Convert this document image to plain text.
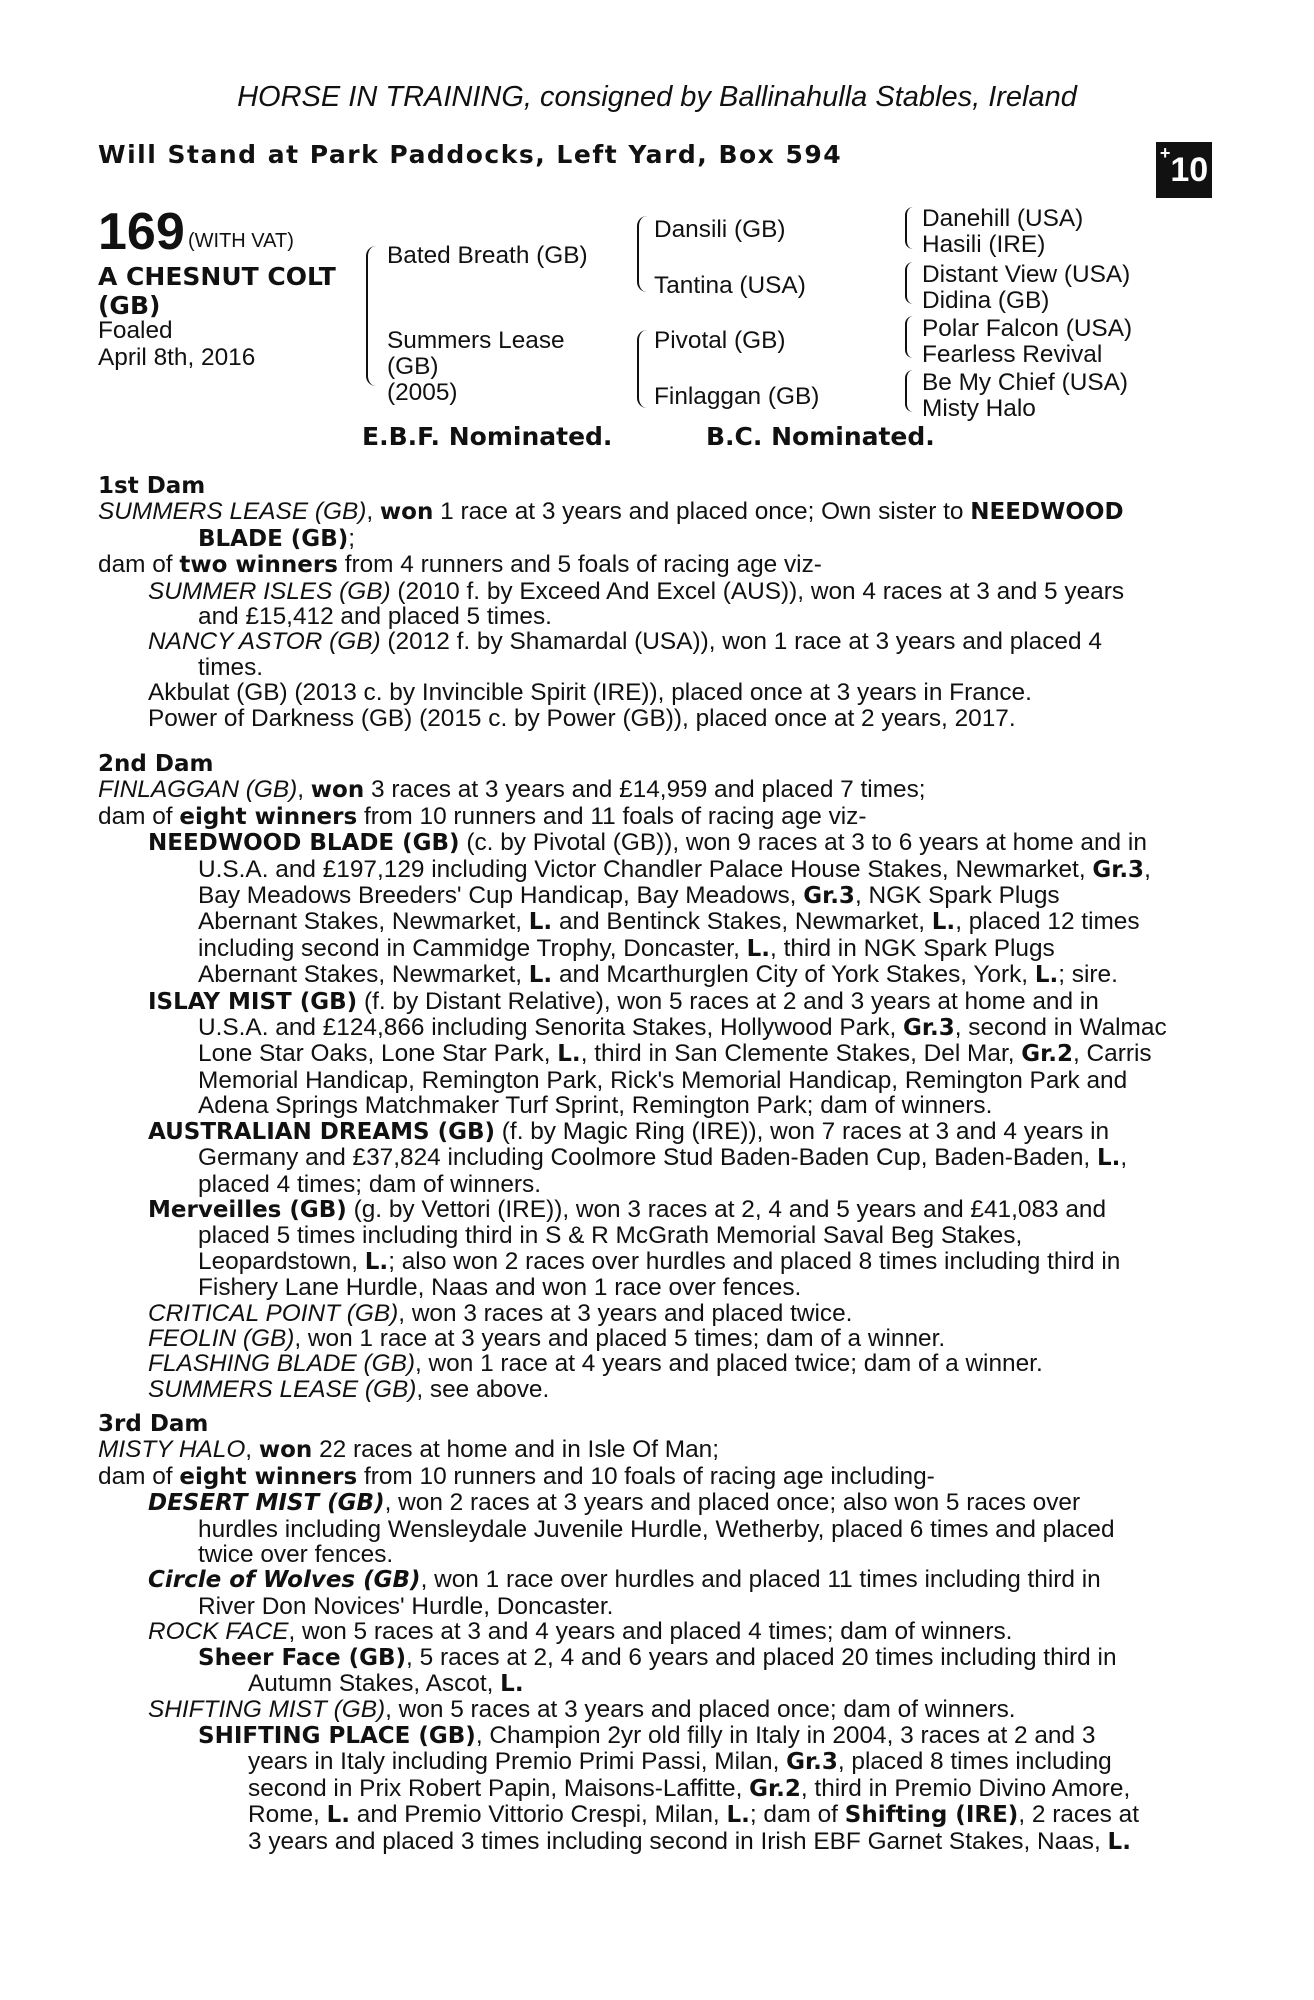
HORSE IN TRAINING, consigned by Ballinahulla Stables, Ireland
Will Stand at Park Paddocks, Left Yard, Box 594	+10
169 (WITH VAT)
A CHESNUT COLT
(GB)
Foaled
April 8th, 2016
Bated Breath (GB)
Summers Lease
(GB)
(2005)
Dansili (GB)
Tantina (USA)
Pivotal (GB)
Finlaggan (GB)
Danehill (USA)
Hasili (IRE)
Distant View (USA)
Didina (GB)
Polar Falcon (USA)
Fearless Revival
Be My Chief (USA)
Misty Halo
E.B.F. Nominated.	B.C. Nominated.
1st Dam
SUMMERS LEASE (GB), won 1 race at 3 years and placed once; Own sister to NEEDWOOD
BLADE (GB);
dam of two winners from 4 runners and 5 foals of racing age viz-
SUMMER ISLES (GB) (2010 f. by Exceed And Excel (AUS)), won 4 races at 3 and 5 years
and £15,412 and placed 5 times.
NANCY ASTOR (GB) (2012 f. by Shamardal (USA)), won 1 race at 3 years and placed 4
times.
Akbulat (GB) (2013 c. by Invincible Spirit (IRE)), placed once at 3 years in France.
Power of Darkness (GB) (2015 c. by Power (GB)), placed once at 2 years, 2017.
2nd Dam
FINLAGGAN (GB), won 3 races at 3 years and £14,959 and placed 7 times;
dam of eight winners from 10 runners and 11 foals of racing age viz-
NEEDWOOD BLADE (GB) (c. by Pivotal (GB)), won 9 races at 3 to 6 years at home and in
U.S.A. and £197,129 including Victor Chandler Palace House Stakes, Newmarket, Gr.3,
Bay Meadows Breeders' Cup Handicap, Bay Meadows, Gr.3, NGK Spark Plugs
Abernant Stakes, Newmarket, L. and Bentinck Stakes, Newmarket, L., placed 12 times
including second in Cammidge Trophy, Doncaster, L., third in NGK Spark Plugs
Abernant Stakes, Newmarket, L. and Mcarthurglen City of York Stakes, York, L.; sire.
ISLAY MIST (GB) (f. by Distant Relative), won 5 races at 2 and 3 years at home and in
U.S.A. and £124,866 including Senorita Stakes, Hollywood Park, Gr.3, second in Walmac
Lone Star Oaks, Lone Star Park, L., third in San Clemente Stakes, Del Mar, Gr.2, Carris
Memorial Handicap, Remington Park, Rick's Memorial Handicap, Remington Park and
Adena Springs Matchmaker Turf Sprint, Remington Park; dam of winners.
AUSTRALIAN DREAMS (GB) (f. by Magic Ring (IRE)), won 7 races at 3 and 4 years in
Germany and £37,824 including Coolmore Stud Baden-Baden Cup, Baden-Baden, L.,
placed 4 times; dam of winners.
Merveilles (GB) (g. by Vettori (IRE)), won 3 races at 2, 4 and 5 years and £41,083 and
placed 5 times including third in S & R McGrath Memorial Saval Beg Stakes,
Leopardstown, L.; also won 2 races over hurdles and placed 8 times including third in
Fishery Lane Hurdle, Naas and won 1 race over fences.
CRITICAL POINT (GB), won 3 races at 3 years and placed twice.
FEOLIN (GB), won 1 race at 3 years and placed 5 times; dam of a winner.
FLASHING BLADE (GB), won 1 race at 4 years and placed twice; dam of a winner.
SUMMERS LEASE (GB), see above.
3rd Dam
MISTY HALO, won 22 races at home and in Isle Of Man;
dam of eight winners from 10 runners and 10 foals of racing age including-
DESERT MIST (GB), won 2 races at 3 years and placed once; also won 5 races over
hurdles including Wensleydale Juvenile Hurdle, Wetherby, placed 6 times and placed
twice over fences.
Circle of Wolves (GB), won 1 race over hurdles and placed 11 times including third in
River Don Novices' Hurdle, Doncaster.
ROCK FACE, won 5 races at 3 and 4 years and placed 4 times; dam of winners.
Sheer Face (GB), 5 races at 2, 4 and 6 years and placed 20 times including third in
Autumn Stakes, Ascot, L.
SHIFTING MIST (GB), won 5 races at 3 years and placed once; dam of winners.
SHIFTING PLACE (GB), Champion 2yr old filly in Italy in 2004, 3 races at 2 and 3
years in Italy including Premio Primi Passi, Milan, Gr.3, placed 8 times including
second in Prix Robert Papin, Maisons-Laffitte, Gr.2, third in Premio Divino Amore,
Rome, L. and Premio Vittorio Crespi, Milan, L.; dam of Shifting (IRE), 2 races at
3 years and placed 3 times including second in Irish EBF Garnet Stakes, Naas, L.
